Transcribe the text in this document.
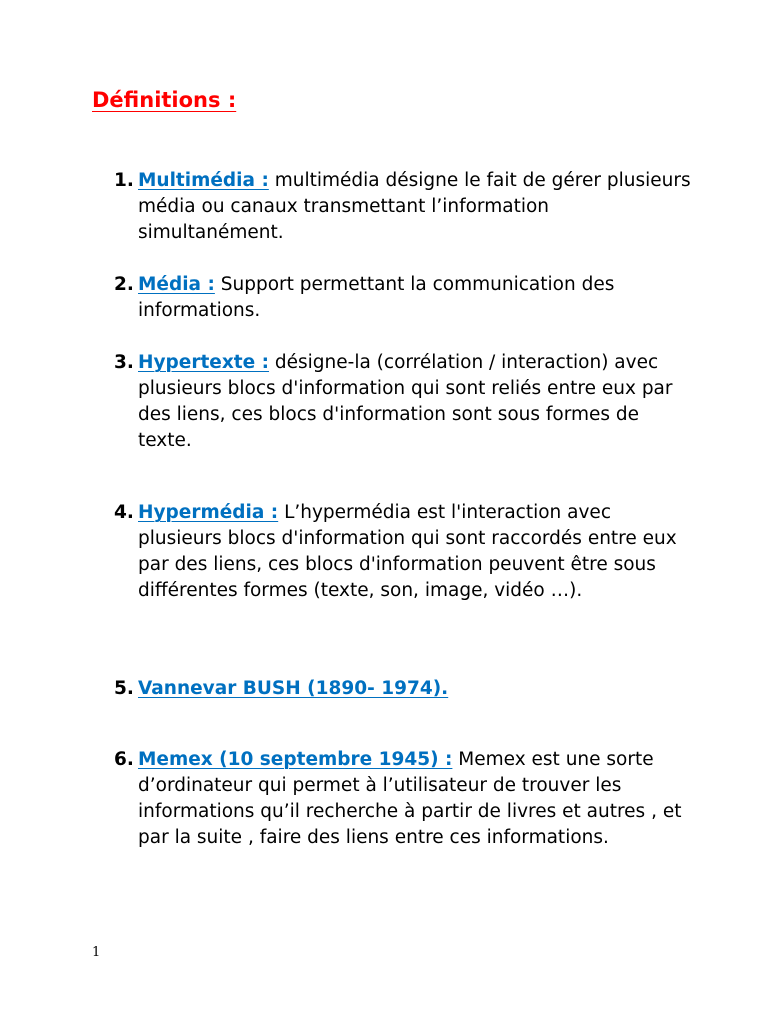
Définitions :
1. Multimédia : multimédia désigne le fait de gérer plusieurs média ou canaux transmettant l’information simultanément.
2. Média : Support permettant la communication des informations.
3. Hypertexte : désigne-la (corrélation / interaction) avec plusieurs blocs d'information qui sont reliés entre eux par des liens, ces blocs d'information sont sous formes de texte.
4. Hypermédia : L’hypermédia est l'interaction avec plusieurs blocs d'information qui sont raccordés entre eux par des liens, ces blocs d'information peuvent être sous différentes formes (texte, son, image, vidéo …).
5. Vannevar BUSH (1890- 1974).
6. Memex (10 septembre 1945) : Memex est une sorte d’ordinateur qui permet à l’utilisateur de trouver les informations qu’il recherche à partir de livres et autres , et par la suite , faire des liens entre ces informations.
1
